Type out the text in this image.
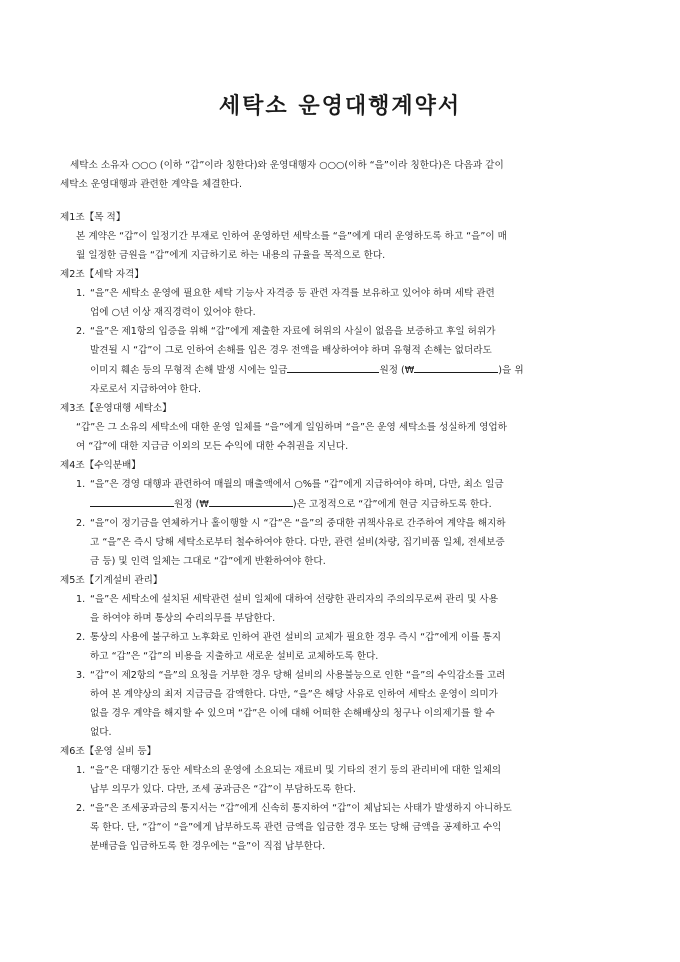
세탁소 운영대행계약서
세탁소 소유자 ○○○ (이하 “갑”이라 칭한다)와 운영대행자 ○○○(이하 “을”이라 칭한다)은 다음과 같이
세탁소 운영대행과 관련한 계약을 체결한다.
제1조【목 적】
본 계약은 “갑”이 일정기간 부재로 인하여 운영하던 세탁소를 “을”에게 대리 운영하도록 하고 “을”이 매
월 일정한 금원을 “갑”에게 지급하기로 하는 내용의 규율을 목적으로 한다.
제2조【세탁 자격】
1. “을”은 세탁소 운영에 필요한 세탁 기능사 자격증 등 관련 자격를 보유하고 있어야 하며 세탁 관련
업에 ○년 이상 재직경력이 있어야 한다.
2. “을”은 제1항의 입증을 위해 “갑”에게 제출한 자료에 허위의 사실이 없음을 보증하고 후일 허위가
발견될 시 “갑”이 그로 인하여 손해를 입은 경우 전액을 배상하여야 하며 유형적 손해는 없더라도
이미지 훼손 등의 무형적 손해 발생 시에는 일금	원정 (₩	)을 위
자로로서 지급하여야 한다.
제3조【운영대행 세탁소】
“갑”은 그 소유의 세탁소에 대한 운영 일체를 “을”에게 일임하며 “을”은 운영 세탁소를 성실하게 영업하
여 “갑”에 대한 지급금 이외의 모든 수익에 대한 수취권을 지닌다.
제4조【수익분배】
1. “을”은 경영 대행과 관련하여 매월의 매출액에서 ○%를 “갑”에게 지급하여야 하며, 다만, 최소 일금
원정 (₩	)은 고정적으로 “갑”에게 현금 지급하도록 한다.
2. “을”이 정기금을 연체하거나 홀이행할 시 “갑”은 “을”의 중대한 귀책사유로 간주하여 계약을 해지하
고 “을”은 즉시 당해 세탁소로부터 철수하여야 한다. 다만, 관련 설비(차량, 집기비품 일체, 전세보증
금 등) 및 인력 일체는 그대로 “갑”에게 반환하여야 한다.
제5조【기계설비 관리】
1. “을”은 세탁소에 설치된 세탁관련 설비 일체에 대하여 선량한 관리자의 주의의무로써 관리 및 사용
을 하여야 하며 통상의 수리의무를 부담한다.
2. 통상의 사용에 불구하고 노후화로 인하여 관련 설비의 교체가 필요한 경우 즉시 “갑”에게 이를 통지
하고 “갑”은 “갑”의 비용을 지출하고 새로운 설비로 교체하도록 한다.
3. “갑”이 제2항의 “을”의 요청을 거부한 경우 당해 설비의 사용불능으로 인한 “을”의 수익감소를 고려
하여 본 계약상의 최저 지급금을 감액한다. 다만, “을”은 해당 사유로 인하여 세탁소 운영이 의미가
없을 경우 계약을 해지할 수 있으며 “갑”은 이에 대해 어떠한 손해배상의 청구나 이의제기를 할 수
없다.
제6조【운영 실비 등】
1. “을”은 대행기간 동안 세탁소의 운영에 소요되는 재료비 및 기타의 전기 등의 관리비에 대한 일체의
납부 의무가 있다. 다만, 조세 공과금은 “갑”이 부담하도록 한다.
2. “을”은 조세공과금의 통지서는 “갑”에게 신속히 통지하여 “갑”이 체납되는 사태가 발생하지 아니하도
록 한다. 단, “갑”이 “을”에게 납부하도록 관련 금액을 입금한 경우 또는 당해 금액을 공제하고 수익
분배금을 입금하도록 한 경우에는 “을”이 직접 납부한다.
